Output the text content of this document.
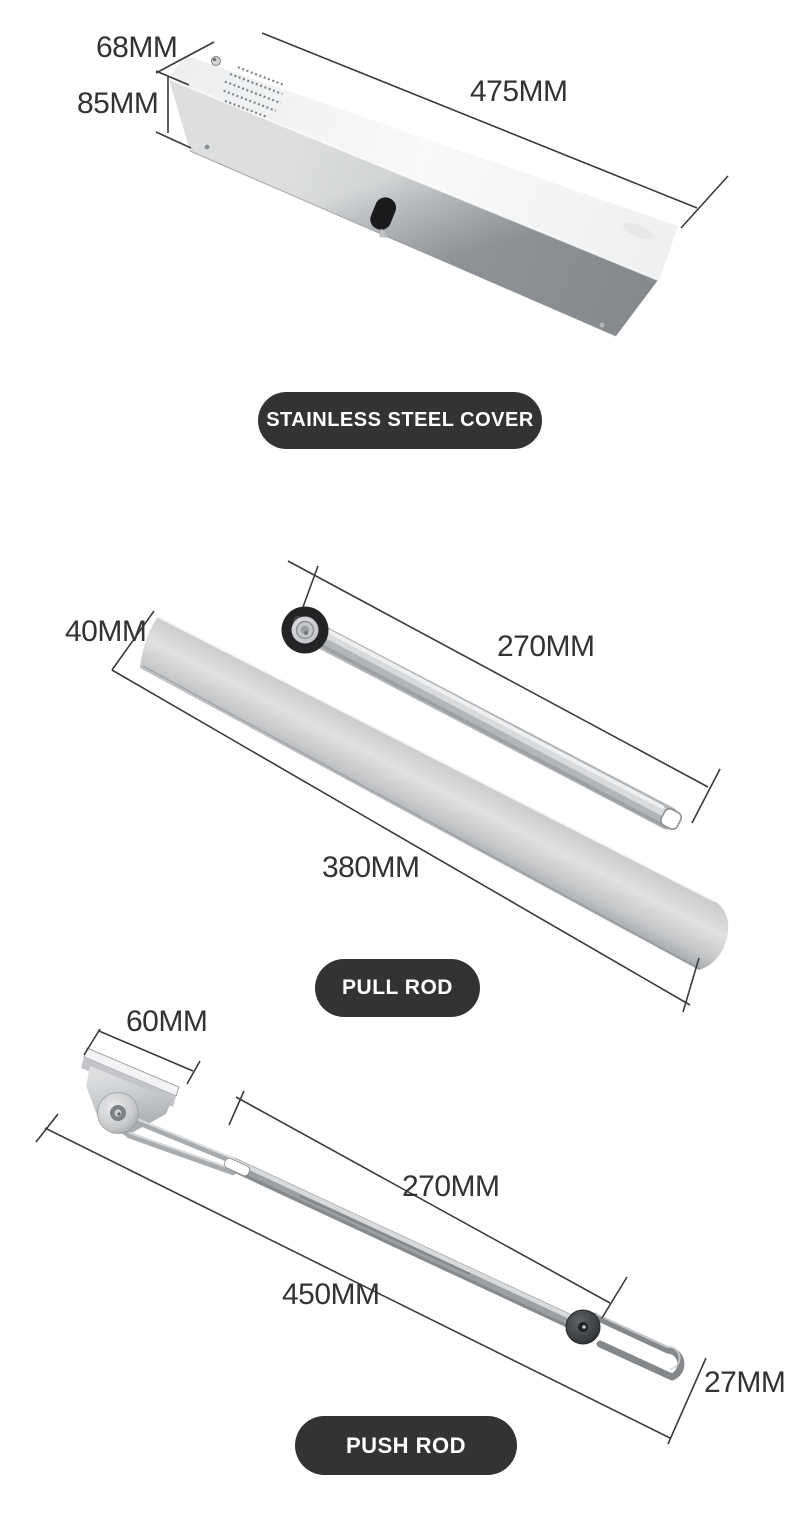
68MM
85MM	475MM
40MM	270MM
380MM
60MM
270MM
450MM
27MM
STAINLESS STEEL COVER
PULL ROD
PUSH ROD
